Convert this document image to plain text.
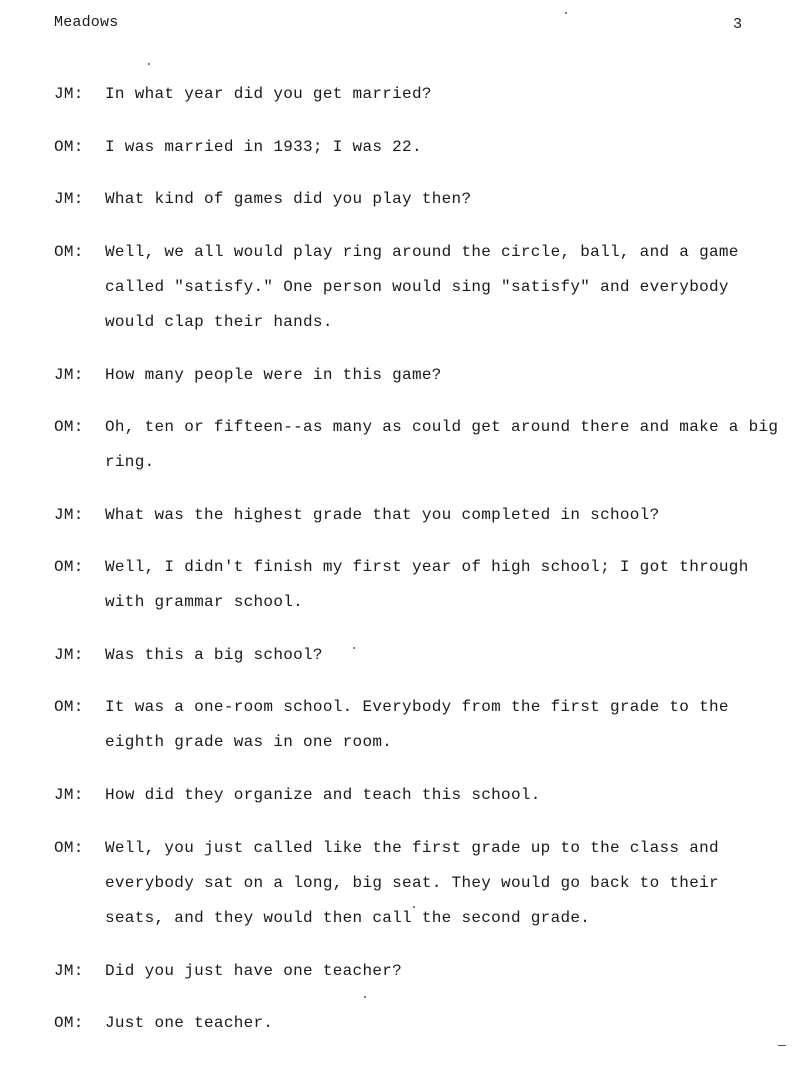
Meadows	3
JM:	In what year did you get married?
OM:	I was married in 1933; I was 22.
JM:	What kind of games did you play then?
OM:	Well, we all would play ring around the circle, ball, and a game called "satisfy." One person would sing "satisfy" and everybody would clap their hands.
JM:	How many people were in this game?
OM:	Oh, ten or fifteen--as many as could get around there and make a big ring.
JM:	What was the highest grade that you completed in school?
OM:	Well, I didn't finish my first year of high school; I got through with grammar school.
JM:	Was this a big school?
OM:	It was a one-room school. Everybody from the first grade to the eighth grade was in one room.
JM:	How did they organize and teach this school.
OM:	Well, you just called like the first grade up to the class and everybody sat on a long, big seat. They would go back to their seats, and they would then call the second grade.
JM:	Did you just have one teacher?
OM:	Just one teacher.
